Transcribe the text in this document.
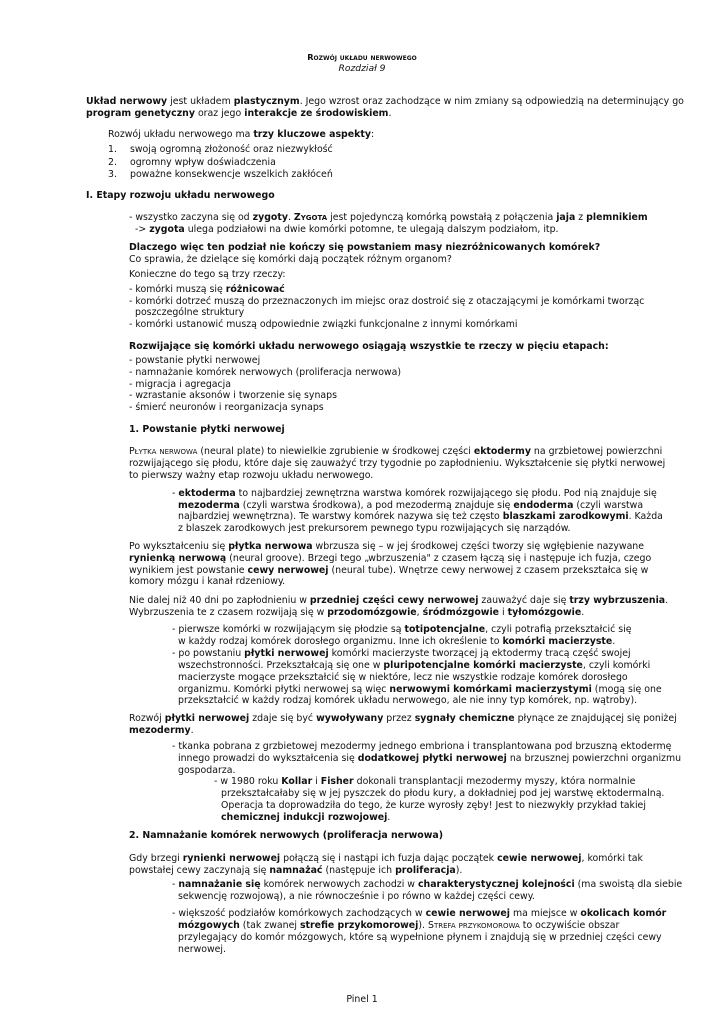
Rozwój układu nerwowego
Rozdział 9
Układ nerwowy jest układem plastycznym. Jego wzrost oraz zachodzące w nim zmiany są odpowiedzią na determinujący go
program genetyczny oraz jego interakcje ze środowiskiem.
Rozwój układu nerwowego ma trzy kluczowe aspekty:
1. swoją ogromną złożoność oraz niezwykłość
2. ogromny wpływ doświadczenia
3. poważne konsekwencje wszelkich zakłóceń
I. Etapy rozwoju układu nerwowego
- wszystko zaczyna się od zygoty. Zygota jest pojedynczą komórką powstałą z połączenia jaja z plemnikiem
-> zygota ulega podziałowi na dwie komórki potomne, te ulegają dalszym podziałom, itp.
Dlaczego więc ten podział nie kończy się powstaniem masy niezróżnicowanych komórek?
Co sprawia, że dzielące się komórki dają początek różnym organom?
Konieczne do tego są trzy rzeczy:
- komórki muszą się różnicować
- komórki dotrzeć muszą do przeznaczonych im miejsc oraz dostroić się z otaczającymi je komórkami tworząc
poszczególne struktury
- komórki ustanowić muszą odpowiednie związki funkcjonalne z innymi komórkami
Rozwijające się komórki układu nerwowego osiągają wszystkie te rzeczy w pięciu etapach:
- powstanie płytki nerwowej
- namnażanie komórek nerwowych (proliferacja nerwowa)
- migracja i agregacja
- wzrastanie aksonów i tworzenie się synaps
- śmierć neuronów i reorganizacja synaps
1. Powstanie płytki nerwowej
Płytka nerwowa (neural plate) to niewielkie zgrubienie w środkowej części ektodermy na grzbietowej powierzchni
rozwijającego się płodu, które daje się zauważyć trzy tygodnie po zapłodnieniu. Wykształcenie się płytki nerwowej
to pierwszy ważny etap rozwoju układu nerwowego.
- ektoderma to najbardziej zewnętrzna warstwa komórek rozwijającego się płodu. Pod nią znajduje się
mezoderma (czyli warstwa środkowa), a pod mezodermą znajduje się endoderma (czyli warstwa
najbardziej wewnętrzna). Te warstwy komórek nazywa się też często blaszkami zarodkowymi. Każda
z blaszek zarodkowych jest prekursorem pewnego typu rozwijających się narządów.
Po wykształceniu się płytka nerwowa wbrzusza się – w jej środkowej części tworzy się wgłębienie nazywane
rynienką nerwową (neural groove). Brzegi tego „wbrzuszenia" z czasem łączą się i następuje ich fuzja, czego
wynikiem jest powstanie cewy nerwowej (neural tube). Wnętrze cewy nerwowej z czasem przekształca się w
komory mózgu i kanał rdzeniowy.
Nie dalej niż 40 dni po zapłodnieniu w przedniej części cewy nerwowej zauważyć daje się trzy wybrzuszenia.
Wybrzuszenia te z czasem rozwijają się w przodomózgowie, śródmózgowie i tyłomózgowie.
- pierwsze komórki w rozwijającym się płodzie są totipotencjalne, czyli potrafią przekształcić się
w każdy rodzaj komórek dorosłego organizmu. Inne ich określenie to komórki macierzyste.
- po powstaniu płytki nerwowej komórki macierzyste tworzącej ją ektodermy tracą część swojej
wszechstronności. Przekształcają się one w pluripotencjalne komórki macierzyste, czyli komórki
macierzyste mogące przekształcić się w niektóre, lecz nie wszystkie rodzaje komórek dorosłego
organizmu. Komórki płytki nerwowej są więc nerwowymi komórkami macierzystymi (mogą się one
przekształcić w każdy rodzaj komórek układu nerwowego, ale nie inny typ komórek, np. wątroby).
Rozwój płytki nerwowej zdaje się być wywoływany przez sygnały chemiczne płynące ze znajdującej się poniżej
mezodermy.
- tkanka pobrana z grzbietowej mezodermy jednego embriona i transplantowana pod brzuszną ektodermę
innego prowadzi do wykształcenia się dodatkowej płytki nerwowej na brzusznej powierzchni organizmu
gospodarza.
- w 1980 roku Kollar i Fisher dokonali transplantacji mezodermy myszy, która normalnie
przekształcałaby się w jej pyszczek do płodu kury, a dokładniej pod jej warstwę ektodermalną.
Operacja ta doprowadziła do tego, że kurze wyrosły zęby! Jest to niezwykły przykład takiej
chemicznej indukcji rozwojowej.
2. Namnażanie komórek nerwowych (proliferacja nerwowa)
Gdy brzegi rynienki nerwowej połączą się i nastąpi ich fuzja dając początek cewie nerwowej, komórki tak
powstałej cewy zaczynają się namnażać (następuje ich proliferacja).
- namnażanie się komórek nerwowych zachodzi w charakterystycznej kolejności (ma swoistą dla siebie
sekwencję rozwojową), a nie równocześnie i po równo w każdej części cewy.
- większość podziałów komórkowych zachodzących w cewie nerwowej ma miejsce w okolicach komór
mózgowych (tak zwanej strefie przykomorowej). Strefa przykomorowa to oczywiście obszar
przylegający do komór mózgowych, które są wypełnione płynem i znajdują się w przedniej części cewy
nerwowej.
Pinel 1
